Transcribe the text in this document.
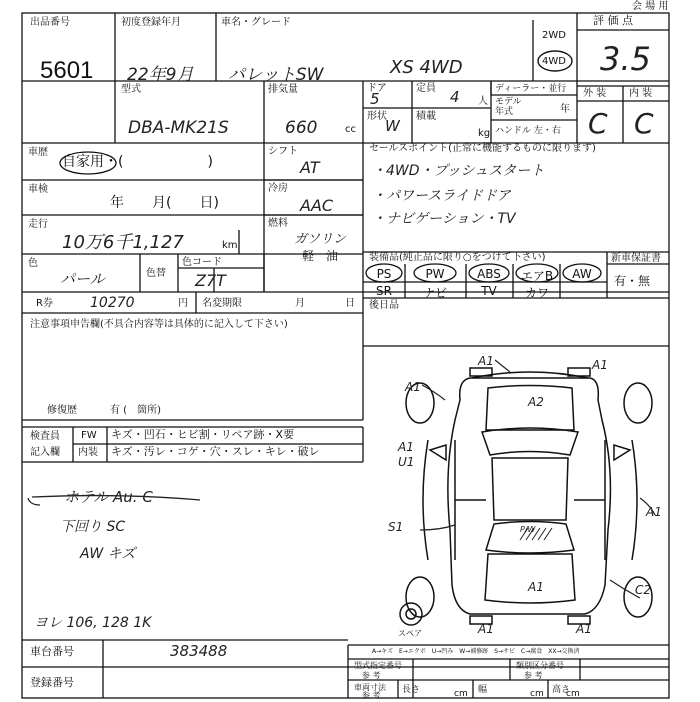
出品番号
5601
初度登録年月
22年9月
車名・グレード
パレットSW	XS 4WD
2WD
4WD
評 価 点
会 場 用
3.5
型式
DBA-MK21S
排気量
660	cc
ドア
5
定員 4 人
形状
W
積載
kg
ディーラー・並行
モデル
年式	年
ハンドル 左・右
外 装 内 装
C C
車歴
自家用・(　　　　　　)
シフト
AT
車検
年　　月(　　日)
冷房
AAC
走行
10万6千1,127	km
燃料
ガソリン
軽　油
色
パール	色替
色コード
Z7T
セールスポイント(正常に機能するものに限ります)
・4WD・プッシュスタート
・パワースライドドア
・ナビゲーション・TV
装備品(純正品に限り○をつけて下さい)
PS	PW	ABS	エアB	AW
SR	ナビ	TV	カワ
新車保証書
有・無
後日品
R券	10270	円 名変期限	月	日
注意事項申告欄(不具合内容等は具体的に記入して下さい)
修復歴	有 (　箇所)
検査員
記入欄
FW キズ・凹石・ヒビ割・リペア跡・X要
内装 キズ・汚レ・コゲ・穴・スレ・キレ・破レ
ホテル Au. C
下回り SC
AW キズ
ヨレ 106, 128 1K
A1	A1
A2
A1
U1
A1
S1
A1
A1	C2
A1	A1
P/W
スペア
A→キズ　E→エクボ　U→凹み　W→補修跡　S→サビ　C→腐食　XX→交換済
車台番号	383488
登録番号
型式指定番号
参 考
類別区分番号
参 考
車両寸法
参 考
長さ	cm 幅	cm 高さ
cm
